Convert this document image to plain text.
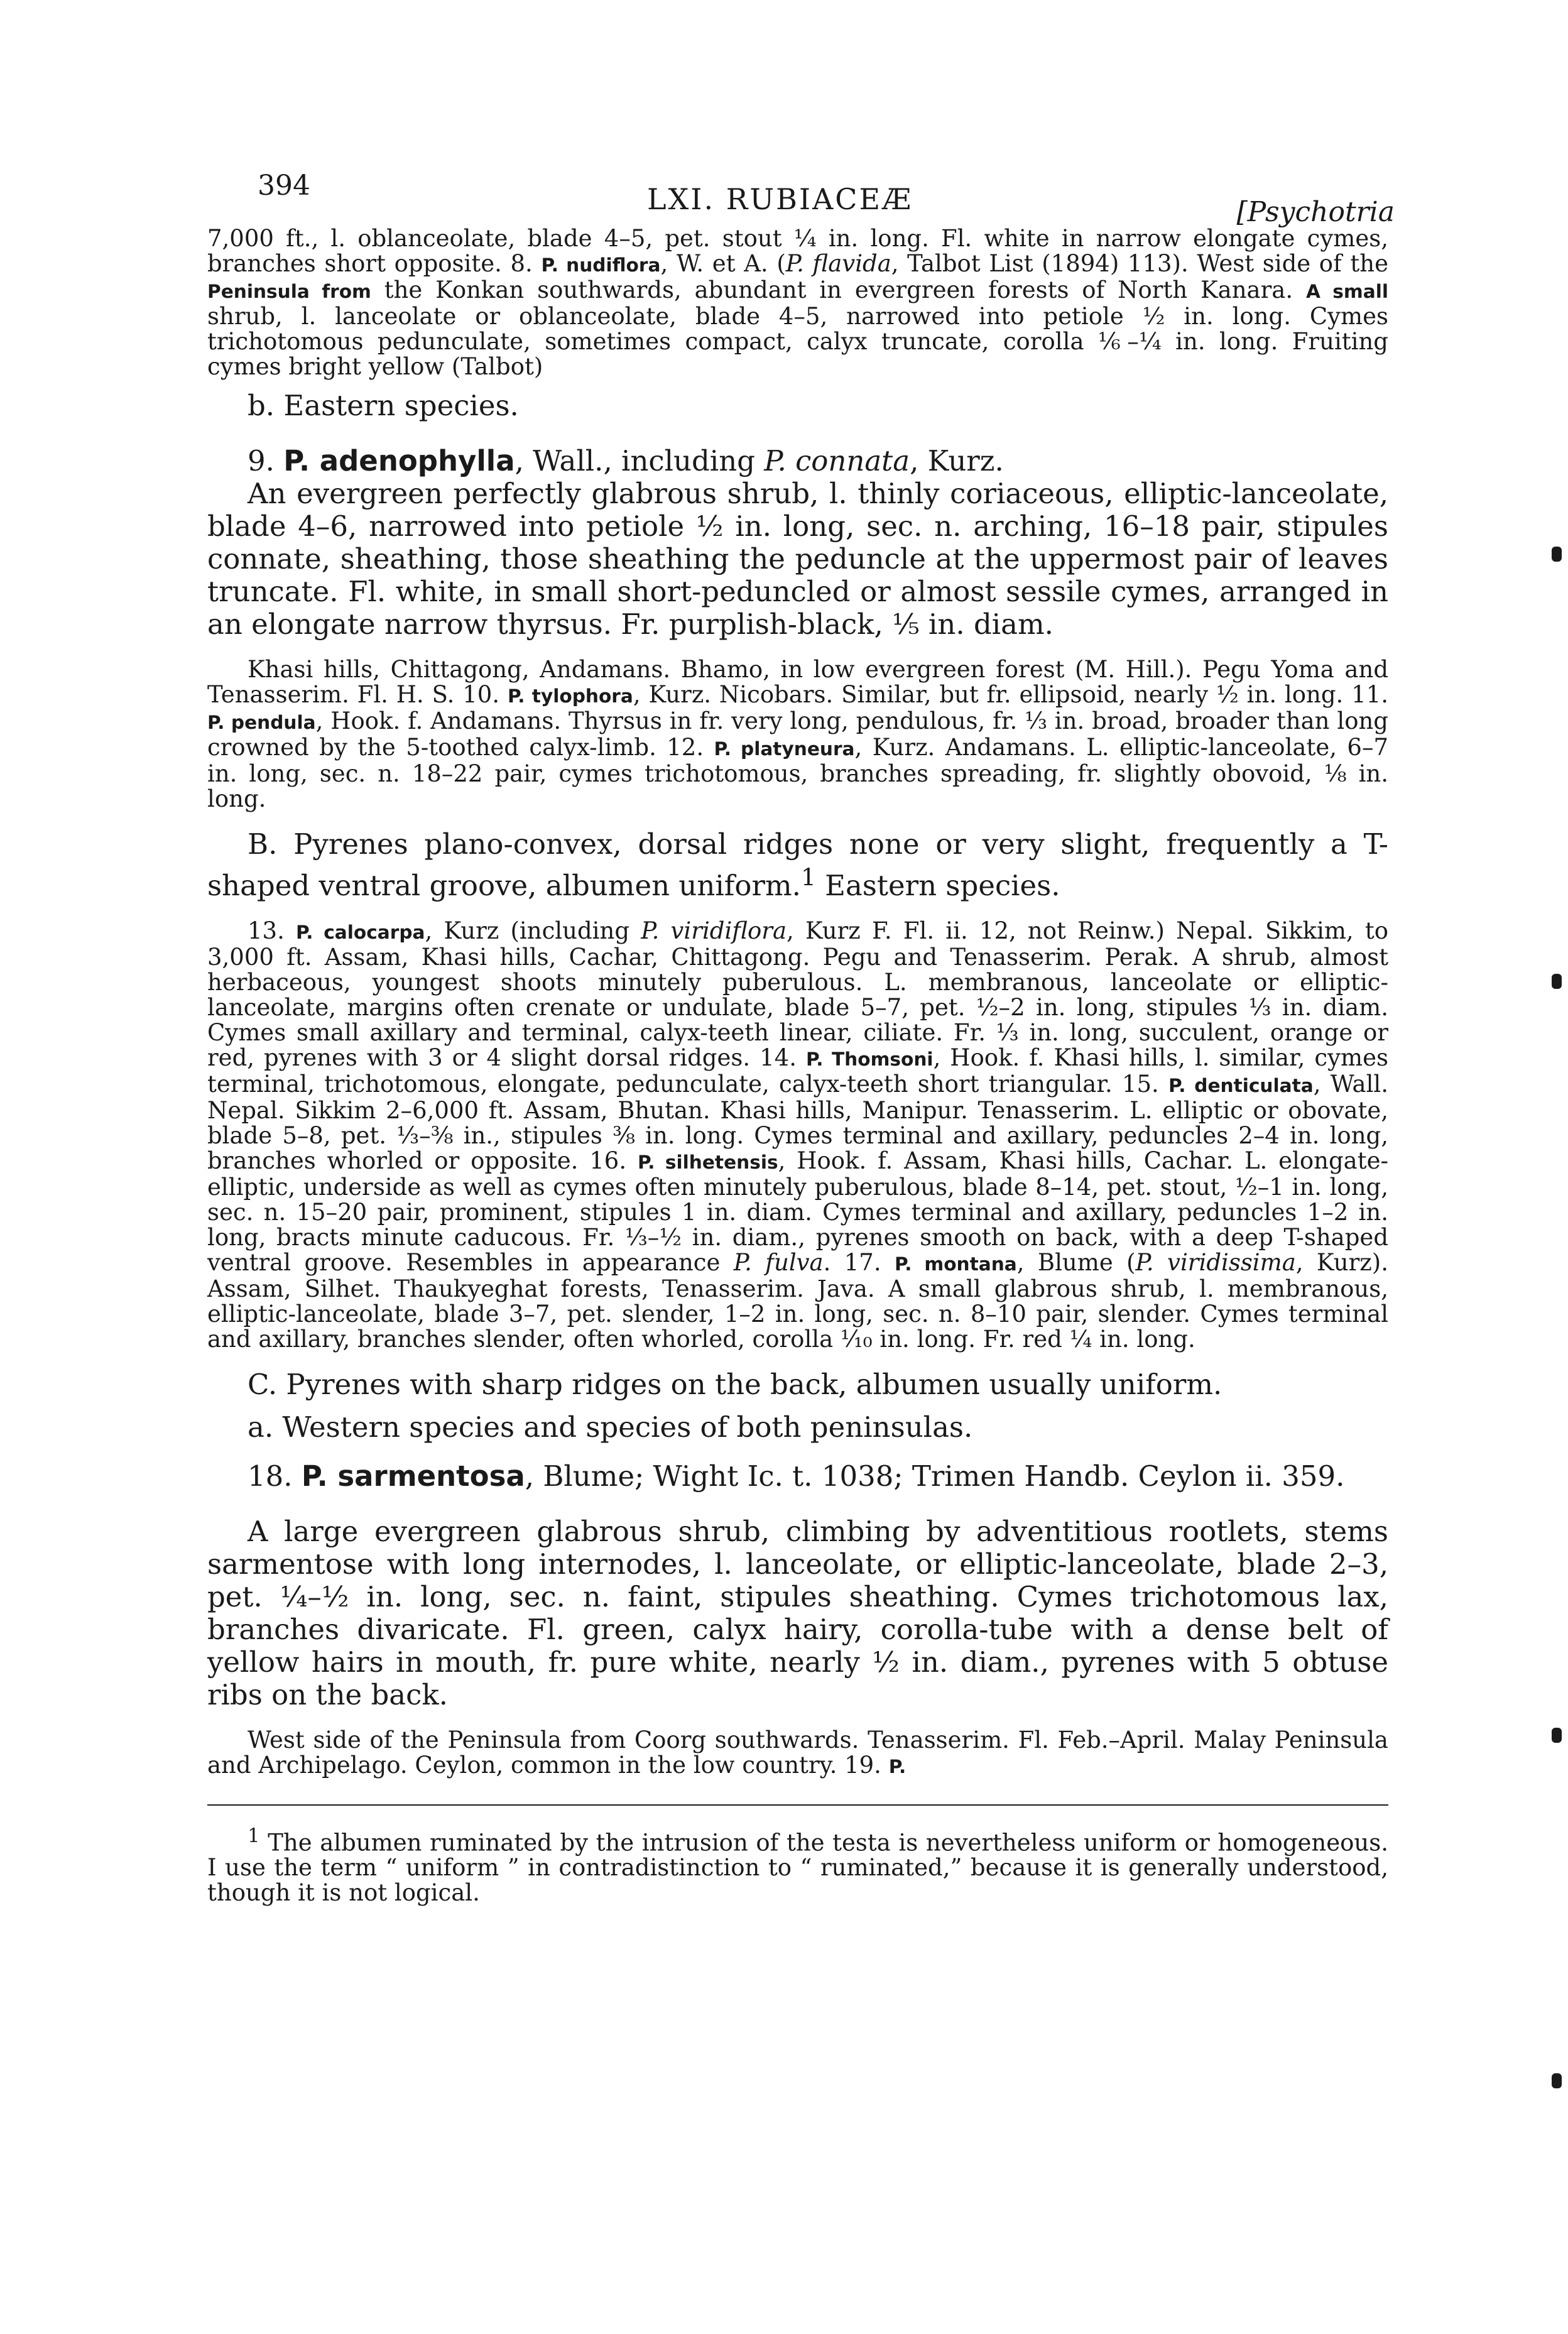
394	LXI. RUBIACEÆ	[Psychotria

7,000 ft., l. oblanceolate, blade 4–5, pet. stout ¼ in. long. Fl. white in narrow elongate cymes, branches short opposite. 8. P. nudiflora, W. et A. (P. flavida, Talbot List (1894) 113). West side of the Peninsula from the Konkan southwards, abundant in evergreen forests of North Kanara. A small shrub, l. lanceolate or oblanceolate, blade 4–5, narrowed into petiole ½ in. long. Cymes trichotomous pedunculate, sometimes compact, calyx truncate, corolla ⅙–¼ in. long. Fruiting cymes bright yellow (Talbot)

b. Eastern species.

9. P. adenophylla, Wall., including P. connata, Kurz.

An evergreen perfectly glabrous shrub, l. thinly coriaceous, elliptic-lanceolate, blade 4–6, narrowed into petiole ½ in. long, sec. n. arching, 16–18 pair, stipules connate, sheathing, those sheathing the peduncle at the uppermost pair of leaves truncate. Fl. white, in small short-peduncled or almost sessile cymes, arranged in an elongate narrow thyrsus. Fr. purplish-black, ⅕ in. diam.

Khasi hills, Chittagong, Andamans. Bhamo, in low evergreen forest (M. Hill.). Pegu Yoma and Tenasserim. Fl. H. S. 10. P. tylophora, Kurz. Nicobars. Similar, but fr. ellipsoid, nearly ½ in. long. 11. P. pendula, Hook. f. Andamans. Thyrsus in fr. very long, pendulous, fr. ⅓ in. broad, broader than long crowned by the 5-toothed calyx-limb. 12. P. platyneura, Kurz. Andamans. L. elliptic-lanceolate, 6–7 in. long, sec. n. 18–22 pair, cymes trichotomous, branches spreading, fr. slightly obovoid, ⅛ in. long.

B. Pyrenes plano-convex, dorsal ridges none or very slight, frequently a T-shaped ventral groove, albumen uniform.$^1$ Eastern species.

13. P. calocarpa, Kurz (including P. viridiflora, Kurz F. Fl. ii. 12, not Reinw.) Nepal. Sikkim, to 3,000 ft. Assam, Khasi hills, Cachar, Chittagong. Pegu and Tenasserim. Perak. A shrub, almost herbaceous, youngest shoots minutely puberulous. L. membranous, lanceolate or elliptic-lanceolate, margins often crenate or undulate, blade 5–7, pet. ½–2 in. long, stipules ⅓ in. diam. Cymes small axillary and terminal, calyx-teeth linear, ciliate. Fr. ⅓ in. long, succulent, orange or red, pyrenes with 3 or 4 slight dorsal ridges. 14. P. Thomsoni, Hook. f. Khasi hills, l. similar, cymes terminal, trichotomous, elongate, pedunculate, calyx-teeth short triangular. 15. P. denticulata, Wall. Nepal. Sikkim 2–6,000 ft. Assam, Bhutan. Khasi hills, Manipur. Tenasserim. L. elliptic or obovate, blade 5–8, pet. ⅓–⅜ in., stipules ⅜ in. long. Cymes terminal and axillary, peduncles 2–4 in. long, branches whorled or opposite. 16. P. silhetensis, Hook. f. Assam, Khasi hills, Cachar. L. elongate-elliptic, underside as well as cymes often minutely puberulous, blade 8–14, pet. stout, ½–1 in. long, sec. n. 15–20 pair, prominent, stipules 1 in. diam. Cymes terminal and axillary, peduncles 1–2 in. long, bracts minute caducous. Fr. ⅓–½ in. diam., pyrenes smooth on back, with a deep T-shaped ventral groove. Resembles in appearance P. fulva. 17. P. montana, Blume (P. viridissima, Kurz). Assam, Silhet. Thaukyeghat forests, Tenasserim. Java. A small glabrous shrub, l. membranous, elliptic-lanceolate, blade 3–7, pet. slender, 1–2 in. long, sec. n. 8–10 pair, slender. Cymes terminal and axillary, branches slender, often whorled, corolla ⅒ in. long. Fr. red ¼ in. long.

C. Pyrenes with sharp ridges on the back, albumen usually uniform.

a. Western species and species of both peninsulas.

18. P. sarmentosa, Blume; Wight Ic. t. 1038; Trimen Handb. Ceylon ii. 359.

A large evergreen glabrous shrub, climbing by adventitious rootlets, stems sarmentose with long internodes, l. lanceolate, or elliptic-lanceolate, blade 2–3, pet. ¼–½ in. long, sec. n. faint, stipules sheathing. Cymes trichotomous lax, branches divaricate. Fl. green, calyx hairy, corolla-tube with a dense belt of yellow hairs in mouth, fr. pure white, nearly ½ in. diam., pyrenes with 5 obtuse ribs on the back.

West side of the Peninsula from Coorg southwards. Tenasserim. Fl. Feb.–April. Malay Peninsula and Archipelago. Ceylon, common in the low country. 19. P.

$^1$ The albumen ruminated by the intrusion of the testa is nevertheless uniform or homogeneous. I use the term “ uniform ” in contradistinction to “ ruminated,” because it is generally understood, though it is not logical.
